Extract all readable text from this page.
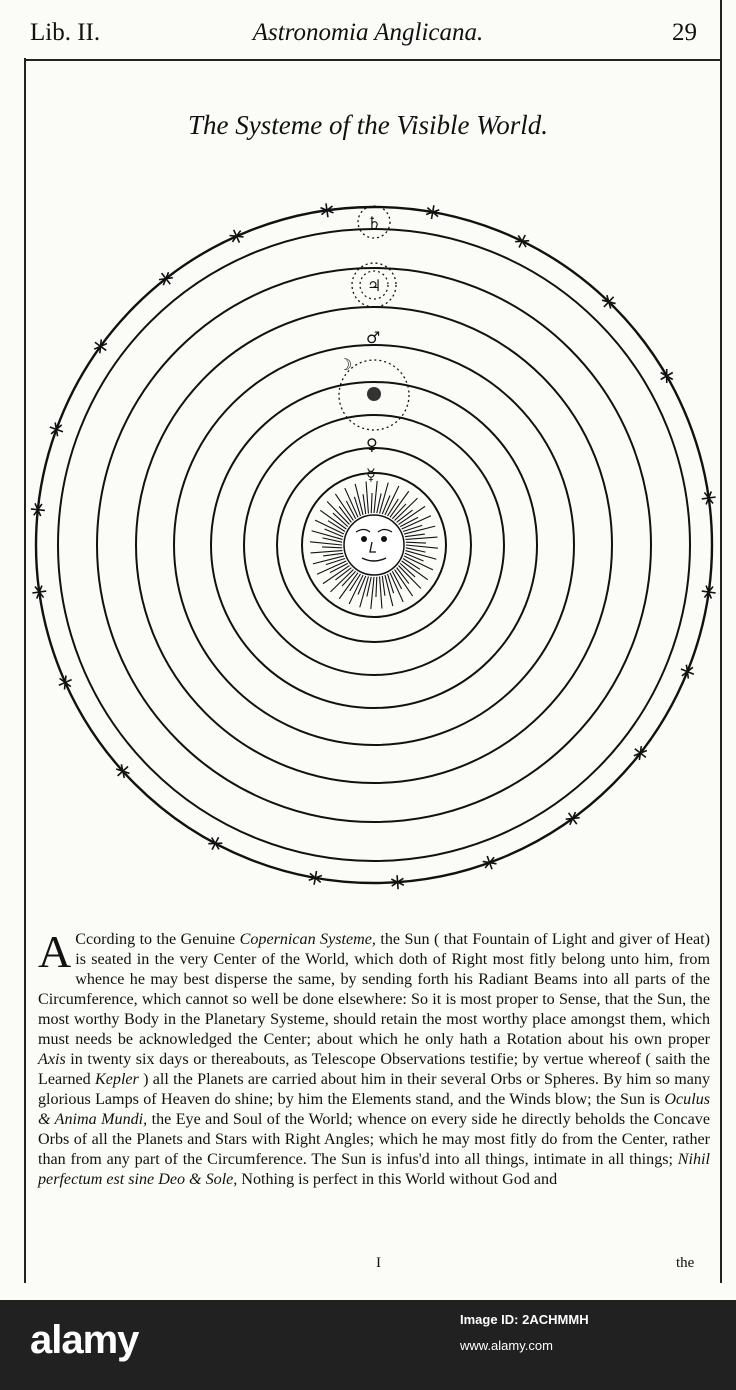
Lib. II.	Astronomia Anglicana.	29
The Systeme of the Visible World.
♄
♃
♂
☽
♀
☿
A Ccording to the Genuine Copernican Systeme, the Sun ( that Fountain of Light and giver of Heat) is seated in the very Center of the World, which doth of Right most fitly belong unto him, from whence he may best disperse the same, by sending forth his Radiant Beams into all parts of the Circumference, which cannot so well be done elsewhere: So it is most proper to Sense, that the Sun, the most worthy Body in the Planetary Systeme, should retain the most worthy place amongst them, which must needs be acknowledged the Center; about which he only hath a Rotation about his own proper Axis in twenty six days or thereabouts, as Telescope Observations testifie; by vertue whereof ( saith the Learned Kepler ) all the Planets are carried about him in their several Orbs or Spheres. By him so many glorious Lamps of Heaven do shine; by him the Elements stand, and the Winds blow; the Sun is Oculus & Anima Mundi, the Eye and Soul of the World; whence on every side he directly beholds the Concave Orbs of all the Planets and Stars with Right Angles; which he may most fitly do from the Center, rather than from any part of the Circumference. The Sun is infus'd into all things, intimate in all things; Nihil perfectum est sine Deo & Sole, Nothing is perfect in this World without God and
I	the
alamy	Image ID: 2ACHMMH
www.alamy.com
